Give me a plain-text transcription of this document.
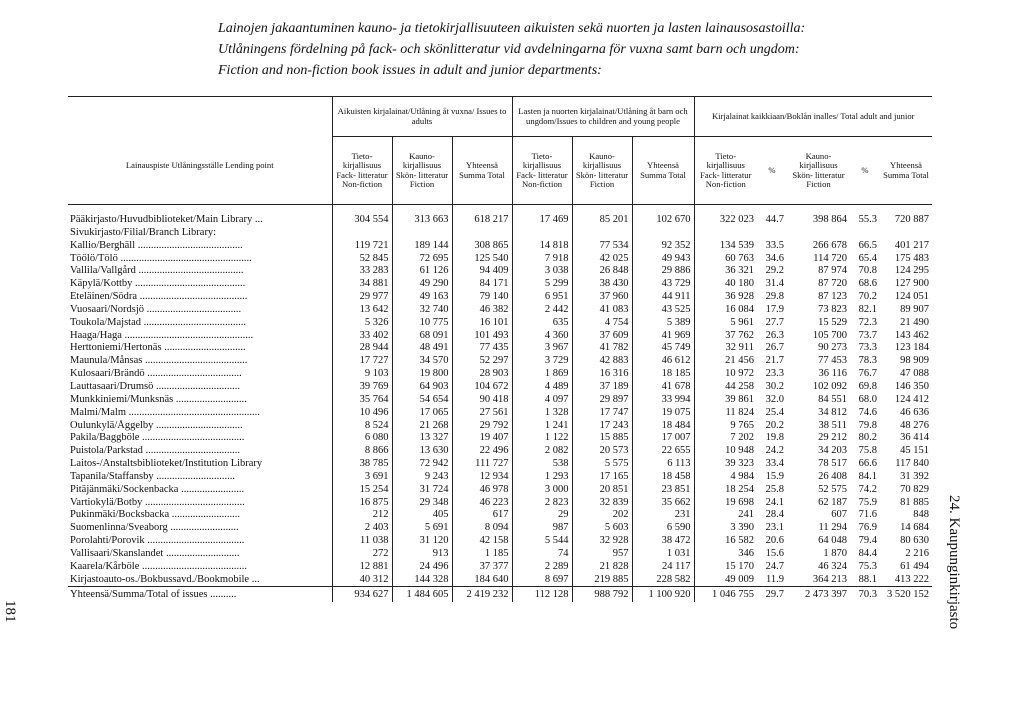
Lainojen jakaantuminen kauno- ja tietokirjallisuuteen aikuisten sekä nuorten ja lasten lainausosastoilla:
Utlåningens fördelning på fack- och skönlitteratur vid avdelningarna för vuxna samt barn och ungdom:
Fiction and non-fiction book issues in adult and junior departments:
181	24. Kaupunginkirjasto
Lainauspiste Utlåningsställe Lending point	Aikuisten kirjalainat/Utlåning åt vuxna/ Issues to adults			Lasten ja nuorten kirjalainat/Utlåning åt barn och ungdom/Issues to children and young people			Kirjalainat kaikkiaan/Boklån inalles/ Total adult and junior				
	Tieto- kirjallisuus Fack- litteratur Non-fiction	Kauno- kirjallisuus Skön- litteratur Fiction	Yhteensä Summa Total	Tieto- kirjallisuus Fack- litteratur Non-fiction	Kauno- kirjallisuus Skön- litteratur Fiction	Yhteensä Summa Total	Tieto- kirjallisuus Fack- litteratur Non-fiction	%	Kauno- kirjallisuus Skön- litteratur Fiction	%	Yhteensä Summa Total

Pääkirjasto/Huvudbiblioteket/Main Library ...	304 554	313 663	618 217	17 469	85 201	102 670	322 023	44.7	398 864	55.3	720 887
Sivukirjasto/Filial/Branch Library:											
Kallio/Berghäll ........................................	119 721	189 144	308 865	14 818	77 534	92 352	134 539	33.5	266 678	66.5	401 217
Töölö/Tölö ..................................................	52 845	72 695	125 540	7 918	42 025	49 943	60 763	34.6	114 720	65.4	175 483
Vallila/Vallgård ........................................	33 283	61 126	94 409	3 038	26 848	29 886	36 321	29.2	87 974	70.8	124 295
Käpylä/Kottby ..........................................	34 881	49 290	84 171	5 299	38 430	43 729	40 180	31.4	87 720	68.6	127 900
Eteläinen/Södra .........................................	29 977	49 163	79 140	6 951	37 960	44 911	36 928	29.8	87 123	70.2	124 051
Vuosaari/Nordsjö ....................................	13 642	32 740	46 382	2 442	41 083	43 525	16 084	17.9	73 823	82.1	89 907
Toukola/Majstad .......................................	5 326	10 775	16 101	635	4 754	5 389	5 961	27.7	15 529	72.3	21 490
Haaga/Haga .................................................	33 402	68 091	101 493	4 360	37 609	41 969	37 762	26.3	105 700	73.7	143 462
Herttoniemi/Hertonäs ...............................	28 944	48 491	77 435	3 967	41 782	45 749	32 911	26.7	90 273	73.3	123 184
Maunula/Månsas .......................................	17 727	34 570	52 297	3 729	42 883	46 612	21 456	21.7	77 453	78.3	98 909
Kulosaari/Brändö ....................................	9 103	19 800	28 903	1 869	16 316	18 185	10 972	23.3	36 116	76.7	47 088
Lauttasaari/Drumsö ................................	39 769	64 903	104 672	4 489	37 189	41 678	44 258	30.2	102 092	69.8	146 350
Munkkiniemi/Munksnäs ...........................	35 764	54 654	90 418	4 097	29 897	33 994	39 861	32.0	84 551	68.0	124 412
Malmi/Malm ..................................................	10 496	17 065	27 561	1 328	17 747	19 075	11 824	25.4	34 812	74.6	46 636
Oulunkylä/Åggelby .................................	8 524	21 268	29 792	1 241	17 243	18 484	9 765	20.2	38 511	79.8	48 276
Pakila/Baggböle .......................................	6 080	13 327	19 407	1 122	15 885	17 007	7 202	19.8	29 212	80.2	36 414
Puistola/Parkstad ....................................	8 866	13 630	22 496	2 082	20 573	22 655	10 948	24.2	34 203	75.8	45 151
Laitos-/Anstaltsbiblioteket/Institution Library	38 785	72 942	111 727	538	5 575	6 113	39 323	33.4	78 517	66.6	117 840
Tapanila/Staffansby ..............................	3 691	9 243	12 934	1 293	17 165	18 458	4 984	15.9	26 408	84.1	31 392
Pitäjänmäki/Sockenbacka ........................	15 254	31 724	46 978	3 000	20 851	23 851	18 254	25.8	52 575	74.2	70 829
Vartiokylä/Botby ......................................	16 875	29 348	46 223	2 823	32 839	35 662	19 698	24.1	62 187	75.9	81 885
Pukinmäki/Bocksbacka ..........................	212	405	617	29	202	231	241	28.4	607	71.6	848
Suomenlinna/Sveaborg ..........................	2 403	5 691	8 094	987	5 603	6 590	3 390	23.1	11 294	76.9	14 684
Porolahti/Porovik .....................................	11 038	31 120	42 158	5 544	32 928	38 472	16 582	20.6	64 048	79.4	80 630
Vallisaari/Skanslandet ............................	272	913	1 185	74	957	1 031	346	15.6	1 870	84.4	2 216
Kaarela/Kårböle ........................................	12 881	24 496	37 377	2 289	21 828	24 117	15 170	24.7	46 324	75.3	61 494
Kirjastoauto-os./Bokbussavd./Bookmobile ...	40 312	144 328	184 640	8 697	219 885	228 582	49 009	11.9	364 213	88.1	413 222
Yhteensä/Summa/Total of issues ..........	934 627	1 484 605	2 419 232	112 128	988 792	1 100 920	1 046 755	29.7	2 473 397	70.3	3 520 152
